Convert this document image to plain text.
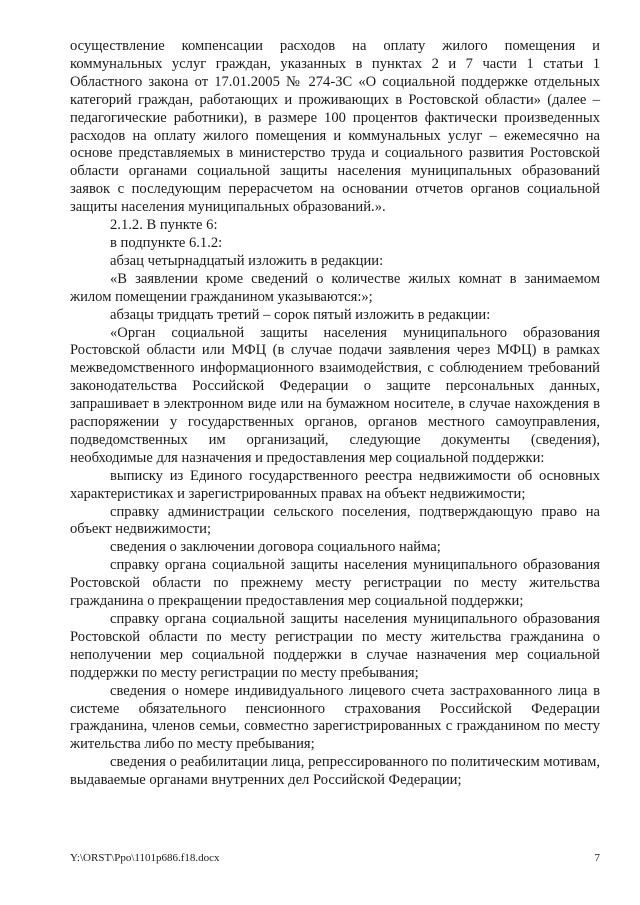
осуществление компенсации расходов на оплату жилого помещения и коммунальных услуг граждан, указанных в пунктах 2 и 7 части 1 статьи 1 Областного закона от 17.01.2005 № 274-ЗС «О социальной поддержке отдельных категорий граждан, работающих и проживающих в Ростовской области» (далее – педагогические работники), в размере 100 процентов фактически произведенных расходов на оплату жилого помещения и коммунальных услуг – ежемесячно на основе представляемых в министерство труда и социального развития Ростовской области органами социальной защиты населения муниципальных образований заявок с последующим перерасчетом на основании отчетов органов социальной защиты населения муниципальных образований.».

2.1.2. В пункте 6:

в подпункте 6.1.2:

абзац четырнадцатый изложить в редакции:

«В заявлении кроме сведений о количестве жилых комнат в занимаемом жилом помещении гражданином указываются:»;

абзацы тридцать третий – сорок пятый изложить в редакции:

«Орган социальной защиты населения муниципального образования Ростовской области или МФЦ (в случае подачи заявления через МФЦ) в рамках межведомственного информационного взаимодействия, с соблюдением требований законодательства Российской Федерации о защите персональных данных, запрашивает в электронном виде или на бумажном носителе, в случае нахождения в распоряжении у государственных органов, органов местного самоуправления, подведомственных им организаций, следующие документы (сведения), необходимые для назначения и предоставления мер социальной поддержки:

выписку из Единого государственного реестра недвижимости об основных характеристиках и зарегистрированных правах на объект недвижимости;

справку администрации сельского поселения, подтверждающую право на объект недвижимости;

сведения о заключении договора социального найма;

справку органа социальной защиты населения муниципального образования Ростовской области по прежнему месту регистрации по месту жительства гражданина о прекращении предоставления мер социальной поддержки;

справку органа социальной защиты населения муниципального образования Ростовской области по месту регистрации по месту жительства гражданина о неполучении мер социальной поддержки в случае назначения мер социальной поддержки по месту регистрации по месту пребывания;

сведения о номере индивидуального лицевого счета застрахованного лица в системе обязательного пенсионного страхования Российской Федерации гражданина, членов семьи, совместно зарегистрированных с гражданином по месту жительства либо по месту пребывания;

сведения о реабилитации лица, репрессированного по политическим мотивам, выдаваемые органами внутренних дел Российской Федерации;

Y:\ORST\Ppo\1101p686.f18.docx	7
